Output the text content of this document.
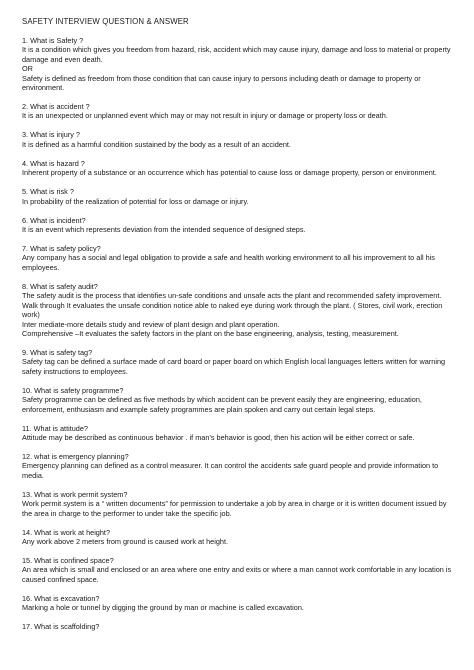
SAFETY INTERVIEW QUESTION & ANSWER

1. What is Safety ?

It is a condition which gives you freedom from hazard, risk, accident which may cause injury, damage and loss to material or property damage and even death.
OR
Safety is defined as freedom from those condition that can cause injury to persons including death or damage to property or environment.

2. What is accident ?

It is an unexpected or unplanned event which may or may not result in injury or damage or property loss or death.

3. What is injury ?

It is defined as a harmful condition sustained by the body as a result of an accident.

4. What is hazard ?

Inherent property of a substance or an occurrence which has potential to cause loss or damage property, person or environment.

5. What is risk ?

In probability of the realization of potential for loss or damage or injury.

6. What is incident?

It is an event which represents deviation from the intended sequence of designed steps.

7. What is safety policy?

Any company has a social and legal obligation to provide a safe and health working environment to all his improvement to all his employees.

8. What is safety audit?

The safety audit is the process that identifies un-safe conditions and unsafe acts the plant and recommended safety improvement.
Walk through It evaluates the unsafe condition notice able to naked eye during work through the plant. ( Stores, civil work, erection work)
Inter mediate-more details study and review of plant design and plant operation.
Comprehensive –It evaluates the safety factors in the plant on the base engineering, analysis, testing, measurement.

9. What is safety tag?

Safety tag can be defined a surface made of card board or paper board on which English local languages letters written for warning safety instructions to employees.

10. What is safety programme?

Safety programme can be defined as five methods by which accident can be prevent easily they are engineering, education, enforcement, enthusiasm and example safety programmes are plain spoken and carry out certain legal steps.

11. What is attitude?

Attitude may be described as continuous behavior . if man’s behavior is good, then his action will be either correct or safe.

12. what is emergency planning?

Emergency planning can defined as a control measurer. It can control the accidents safe guard people and provide information to media.

13. What is work permit system?

Work permit system is a “ written documents” for permission to undertake a job by area in charge or it is written document issued by the area in charge to the performer to under take the specific job.

14. What is work at height?

Any work above 2 meters from ground is caused work at height.

15. What is confined space?

An area which is small and enclosed or an area where one entry and exits or where a man cannot work comfortable in any location is caused confined space.

16. What is excavation?

Marking a hole or tunnel by digging the ground by man or machine is called excavation.

17. What is scaffolding?
